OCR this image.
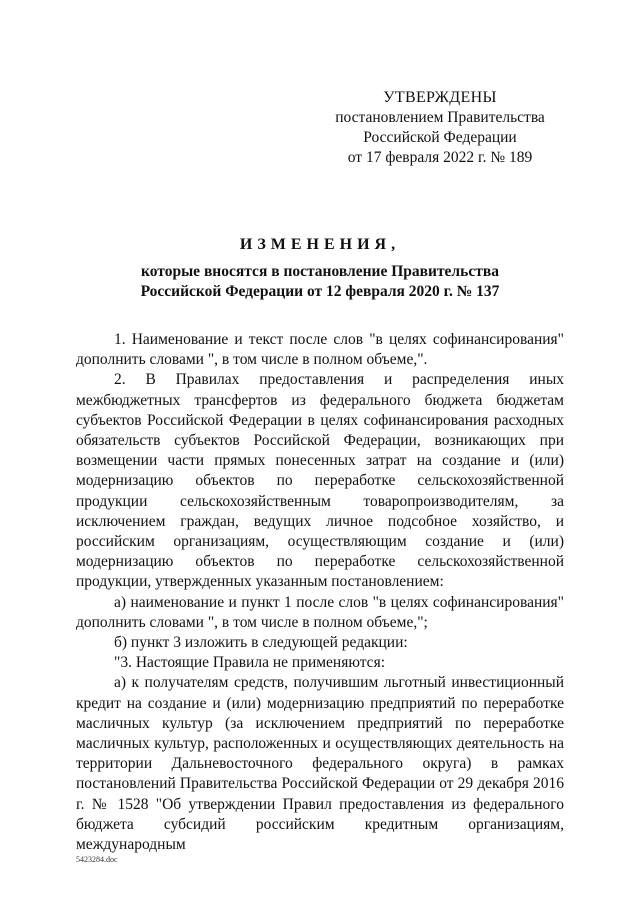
УТВЕРЖДЕНЫ
постановлением Правительства
Российской Федерации
от 17 февраля 2022 г. № 189
ИЗМЕНЕНИЯ,
которые вносятся в постановление Правительства
Российской Федерации от 12 февраля 2020 г. № 137

1. Наименование и текст после слов "в целях софинансирования" дополнить словами ", в том числе в полном объеме,".

2. В Правилах предоставления и распределения иных межбюджетных трансфертов из федерального бюджета бюджетам субъектов Российской Федерации в целях софинансирования расходных обязательств субъектов Российской Федерации, возникающих при возмещении части прямых понесенных затрат на создание и (или) модернизацию объектов по переработке сельскохозяйственной продукции сельскохозяйственным товаропроизводителям, за исключением граждан, ведущих личное подсобное хозяйство, и российским организациям, осуществляющим создание и (или) модернизацию объектов по переработке сельскохозяйственной продукции, утвержденных указанным постановлением:

а) наименование и пункт 1 после слов "в целях софинансирования" дополнить словами ", в том числе в полном объеме,";

б) пункт 3 изложить в следующей редакции:

"3. Настоящие Правила не применяются:

а) к получателям средств, получившим льготный инвестиционный кредит на создание и (или) модернизацию предприятий по переработке масличных культур (за исключением предприятий по переработке масличных культур, расположенных и осуществляющих деятельность на территории Дальневосточного федерального округа) в рамках постановлений Правительства Российской Федерации от 29 декабря 2016 г. № 1528 "Об утверждении Правил предоставления из федерального бюджета субсидий российским кредитным организациям, международным

5423284.doc
